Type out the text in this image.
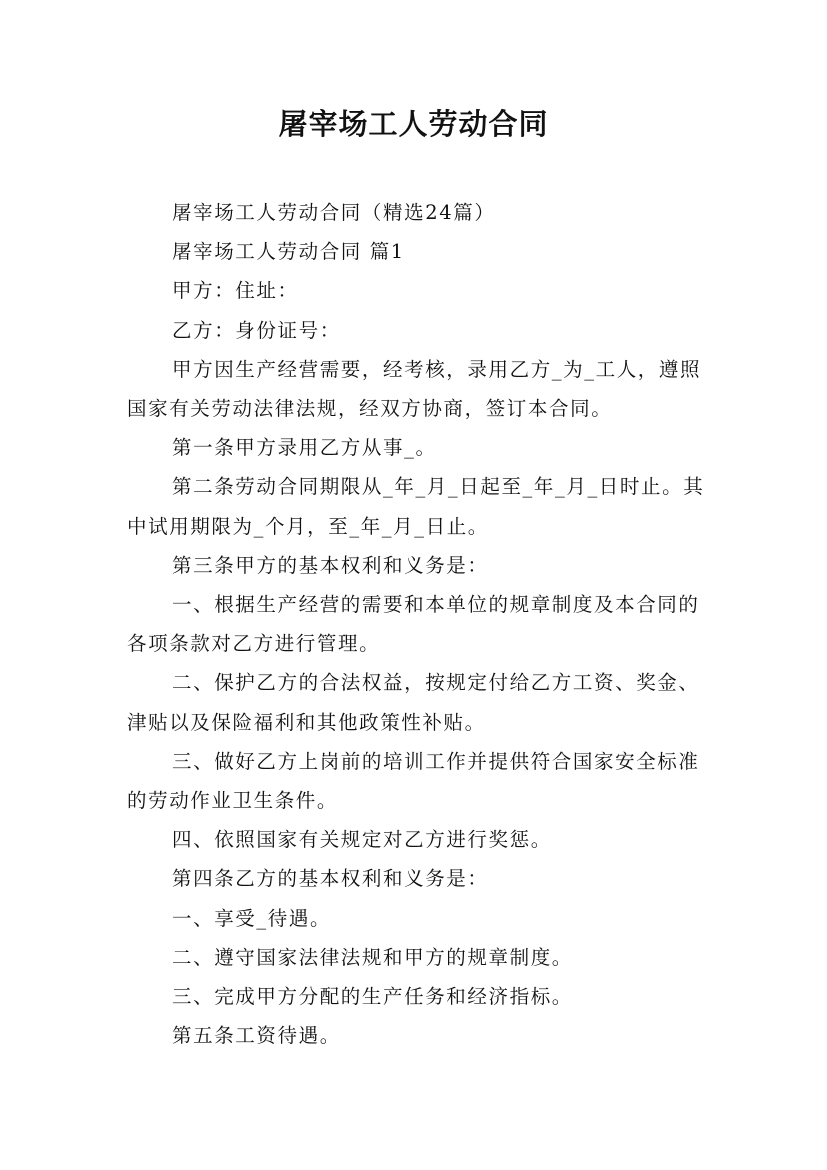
屠宰场工人劳动合同

屠宰场工人劳动合同（精选24篇）

屠宰场工人劳动合同 篇1

甲方：住址：

乙方：身份证号：

甲方因生产经营需要，经考核，录用乙方_为_工人，遵照国家有关劳动法律法规，经双方协商，签订本合同。

第一条甲方录用乙方从事_。

第二条劳动合同期限从_年_月_日起至_年_月_日时止。其中试用期限为_个月，至_年_月_日止。

第三条甲方的基本权利和义务是：

一、根据生产经营的需要和本单位的规章制度及本合同的各项条款对乙方进行管理。

二、保护乙方的合法权益，按规定付给乙方工资、奖金、津贴以及保险福利和其他政策性补贴。

三、做好乙方上岗前的培训工作并提供符合国家安全标准的劳动作业卫生条件。

四、依照国家有关规定对乙方进行奖惩。

第四条乙方的基本权利和义务是：

一、享受_待遇。

二、遵守国家法律法规和甲方的规章制度。

三、完成甲方分配的生产任务和经济指标。

第五条工资待遇。
